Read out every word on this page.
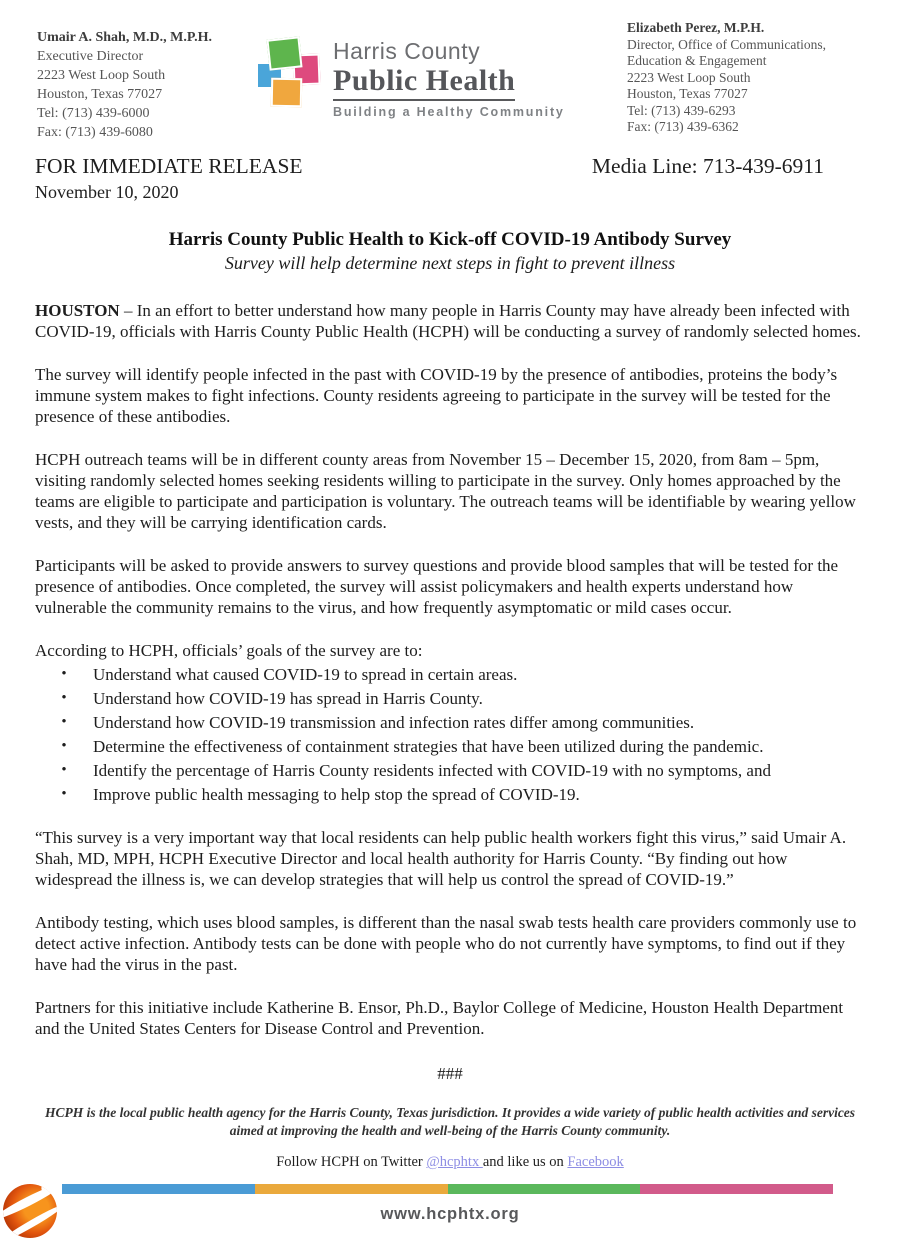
Umair A. Shah, M.D., M.P.H.
Executive Director
2223 West Loop South
Houston, Texas 77027
Tel: (713) 439-6000
Fax: (713) 439-6080
Harris County
Public Health
Building a Healthy Community
Elizabeth Perez, M.P.H.
Director, Office of Communications,
Education & Engagement
2223 West Loop South
Houston, Texas 77027
Tel: (713) 439-6293
Fax: (713) 439-6362
FOR IMMEDIATE RELEASE	Media Line: 713-439-6911
November 10, 2020
Harris County Public Health to Kick-off COVID-19 Antibody Survey
Survey will help determine next steps in fight to prevent illness

HOUSTON – In an effort to better understand how many people in Harris County may have already been infected with COVID-19, officials with Harris County Public Health (HCPH) will be conducting a survey of randomly selected homes.

The survey will identify people infected in the past with COVID-19 by the presence of antibodies, proteins the body’s immune system makes to fight infections. County residents agreeing to participate in the survey will be tested for the presence of these antibodies.

HCPH outreach teams will be in different county areas from November 15 – December 15, 2020, from 8am – 5pm, visiting randomly selected homes seeking residents willing to participate in the survey. Only homes approached by the teams are eligible to participate and participation is voluntary. The outreach teams will be identifiable by wearing yellow vests, and they will be carrying identification cards.

Participants will be asked to provide answers to survey questions and provide blood samples that will be tested for the presence of antibodies. Once completed, the survey will assist policymakers and health experts understand how vulnerable the community remains to the virus, and how frequently asymptomatic or mild cases occur.

According to HCPH, officials’ goals of the survey are to:

•	Understand what caused COVID-19 to spread in certain areas.
•	Understand how COVID-19 has spread in Harris County.
•	Understand how COVID-19 transmission and infection rates differ among communities.
•	Determine the effectiveness of containment strategies that have been utilized during the pandemic.
•	Identify the percentage of Harris County residents infected with COVID-19 with no symptoms, and
•	Improve public health messaging to help stop the spread of COVID-19.

“This survey is a very important way that local residents can help public health workers fight this virus,” said Umair A. Shah, MD, MPH, HCPH Executive Director and local health authority for Harris County. “By finding out how widespread the illness is, we can develop strategies that will help us control the spread of COVID-19.”

Antibody testing, which uses blood samples, is different than the nasal swab tests health care providers commonly use to detect active infection. Antibody tests can be done with people who do not currently have symptoms, to find out if they have had the virus in the past.

Partners for this initiative include Katherine B. Ensor, Ph.D., Baylor College of Medicine, Houston Health Department and the United States Centers for Disease Control and Prevention.

###
HCPH is the local public health agency for the Harris County, Texas jurisdiction. It provides a wide variety of public health activities and services aimed at improving the health and well-being of the Harris County community.
Follow HCPH on Twitter @hcphtx and like us on Facebook
www.hcphtx.org
